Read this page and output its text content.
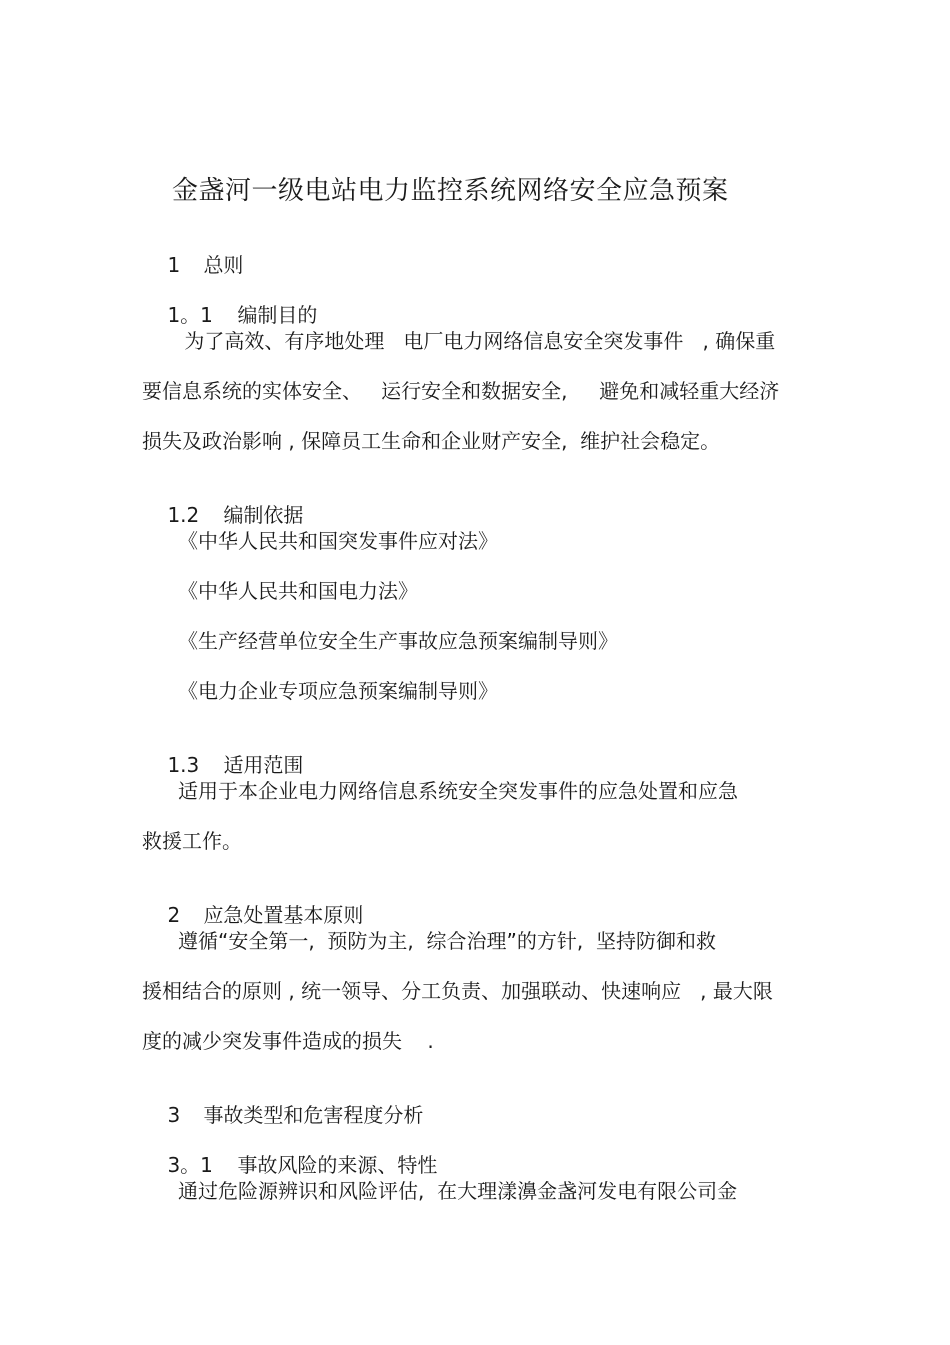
金盏河一级电站电力监控系统网络安全应急预案

1 总则

1。1 编制目的

为了高效、有序地处理   电厂电力网络信息安全突发事件   , 确保重
要信息系统的实体安全、   运行安全和数据安全,     避免和减轻重大经济
损失及政治影响 , 保障员工生命和企业财产安全,  维护社会稳定。

1.2 编制依据

《中华人民共和国突发事件应对法》
《中华人民共和国电力法》
《生产经营单位安全生产事故应急预案编制导则》
《电力企业专项应急预案编制导则》

1.3 适用范围

适用于本企业电力网络信息系统安全突发事件的应急处置和应急
救援工作。

2 应急处置基本原则

遵循“安全第一,  预防为主,  综合治理”的方针,  坚持防御和救
援相结合的原则 , 统一领导、分工负责、加强联动、快速响应   , 最大限
度的减少突发事件造成的损失    .

3 事故类型和危害程度分析

3。1 事故风险的来源、特性

通过危险源辨识和风险评估,  在大理漾濞金盏河发电有限公司金
